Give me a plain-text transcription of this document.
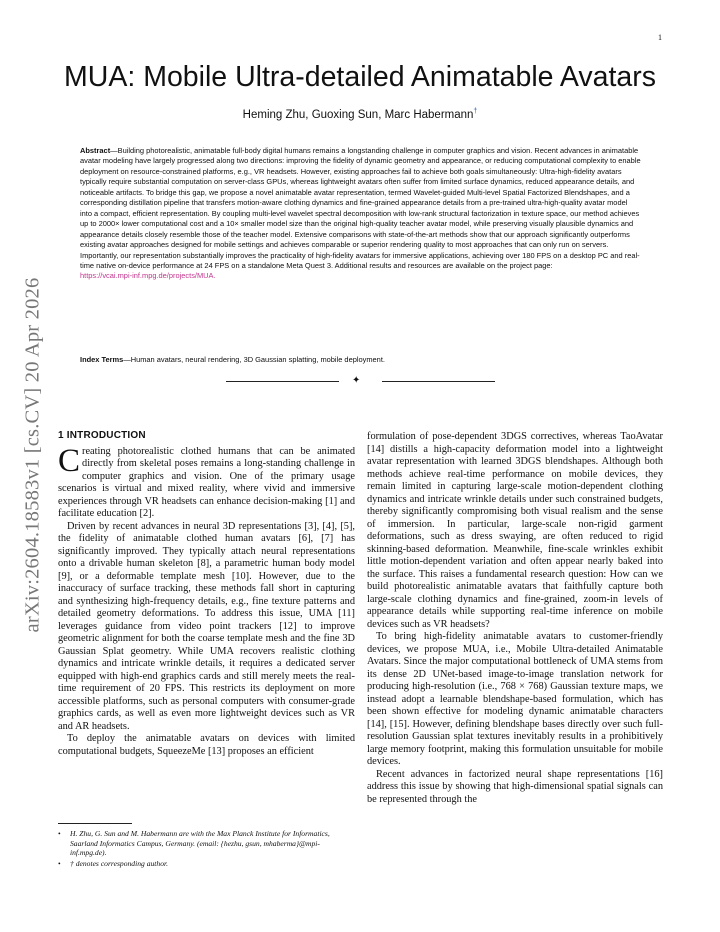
1
arXiv:2604.18583v1 [cs.CV] 20 Apr 2026
MUA: Mobile Ultra-detailed Animatable Avatars
Heming Zhu, Guoxing Sun, Marc Habermann†
Abstract—Building photorealistic, animatable full-body digital humans remains a longstanding challenge in computer graphics and vision. Recent advances in animatable avatar modeling have largely progressed along two directions: improving the fidelity of dynamic geometry and appearance, or reducing computational complexity to enable deployment on resource-constrained platforms, e.g., VR headsets. However, existing approaches fail to achieve both goals simultaneously: Ultra-high-fidelity avatars typically require substantial computation on server-class GPUs, whereas lightweight avatars often suffer from limited surface dynamics, reduced appearance details, and noticeable artifacts. To bridge this gap, we propose a novel animatable avatar representation, termed Wavelet-guided Multi-level Spatial Factorized Blendshapes, and a corresponding distillation pipeline that transfers motion-aware clothing dynamics and fine-grained appearance details from a pre-trained ultra-high-quality avatar model into a compact, efficient representation. By coupling multi-level wavelet spectral decomposition with low-rank structural factorization in texture space, our method achieves up to 2000× lower computational cost and a 10× smaller model size than the original high-quality teacher avatar model, while preserving visually plausible dynamics and appearance details closely resemble those of the teacher model. Extensive comparisons with state-of-the-art methods show that our approach significantly outperforms existing avatar approaches designed for mobile settings and achieves comparable or superior rendering quality to most approaches that can only run on servers. Importantly, our representation substantially improves the practicality of high-fidelity avatars for immersive applications, achieving over 180 FPS on a desktop PC and real-time native on-device performance at 24 FPS on a standalone Meta Quest 3. Additional results and resources are available on the project page:
https://vcai.mpi-inf.mpg.de/projects/MUA.
Index Terms—Human avatars, neural rendering, 3D Gaussian splatting, mobile deployment.
✦
1 INTRODUCTION

Creating photorealistic clothed humans that can be animated directly from skeletal poses remains a long-standing challenge in computer graphics and vision. One of the primary usage scenarios is virtual and mixed reality, where vivid and immersive experiences through VR headsets can enhance decision-making [1] and facilitate education [2].

Driven by recent advances in neural 3D representations [3], [4], [5], the fidelity of animatable clothed human avatars [6], [7] has significantly improved. They typically attach neural representations onto a drivable human skeleton [8], a parametric human body model [9], or a deformable template mesh [10]. However, due to the inaccuracy of surface tracking, these methods fall short in capturing and synthesizing high-frequency details, e.g., fine texture patterns and detailed geometry deformations. To address this issue, UMA [11] leverages guidance from video point trackers [12] to improve geometric alignment for both the coarse template mesh and the fine 3D Gaussian Splat geometry. While UMA recovers realistic clothing dynamics and intricate wrinkle details, it requires a dedicated server equipped with high-end graphics cards and still merely meets the real-time requirement of 20 FPS. This restricts its deployment on more accessible platforms, such as personal computers with consumer-grade graphics cards, as well as even more lightweight devices such as VR and AR headsets.

To deploy the animatable avatars on devices with limited computational budgets, SqueezeMe [13] proposes an efficient

formulation of pose-dependent 3DGS correctives, whereas TaoAvatar [14] distills a high-capacity deformation model into a lightweight avatar representation with learned 3DGS blendshapes. Although both methods achieve real-time performance on mobile devices, they remain limited in capturing large-scale motion-dependent clothing dynamics and intricate wrinkle details under such constrained budgets, thereby significantly compromising both visual realism and the sense of immersion. In particular, large-scale non-rigid garment deformations, such as dress swaying, are often reduced to rigid skinning-based deformation. Meanwhile, fine-scale wrinkles exhibit little motion-dependent variation and often appear nearly baked into the surface. This raises a fundamental research question: How can we build photorealistic animatable avatars that faithfully capture both large-scale clothing dynamics and fine-grained, zoom-in levels of appearance details while supporting real-time inference on mobile devices such as VR headsets?

To bring high-fidelity animatable avatars to customer-friendly devices, we propose MUA, i.e., Mobile Ultra-detailed Animatable Avatars. Since the major computational bottleneck of UMA stems from its dense 2D UNet-based image-to-image translation network for producing high-resolution (i.e., 768 × 768) Gaussian texture maps, we instead adopt a learnable blendshape-based formulation, which has been shown effective for modeling dynamic animatable characters [14], [15]. However, defining blendshape bases directly over such full-resolution Gaussian splat textures inevitably results in a prohibitively large memory footprint, making this formulation unsuitable for mobile devices.

Recent advances in factorized neural shape representations [16] address this issue by showing that high-dimensional spatial signals can be represented through the

• H. Zhu, G. Sun and M. Habermann are with the Max Planck Institute for Informatics, Saarland Informatics Campus, Germany. (email: {hezhu, gsun, mhaberma}@mpi-inf.mpg.de).
• † denotes corresponding author.
